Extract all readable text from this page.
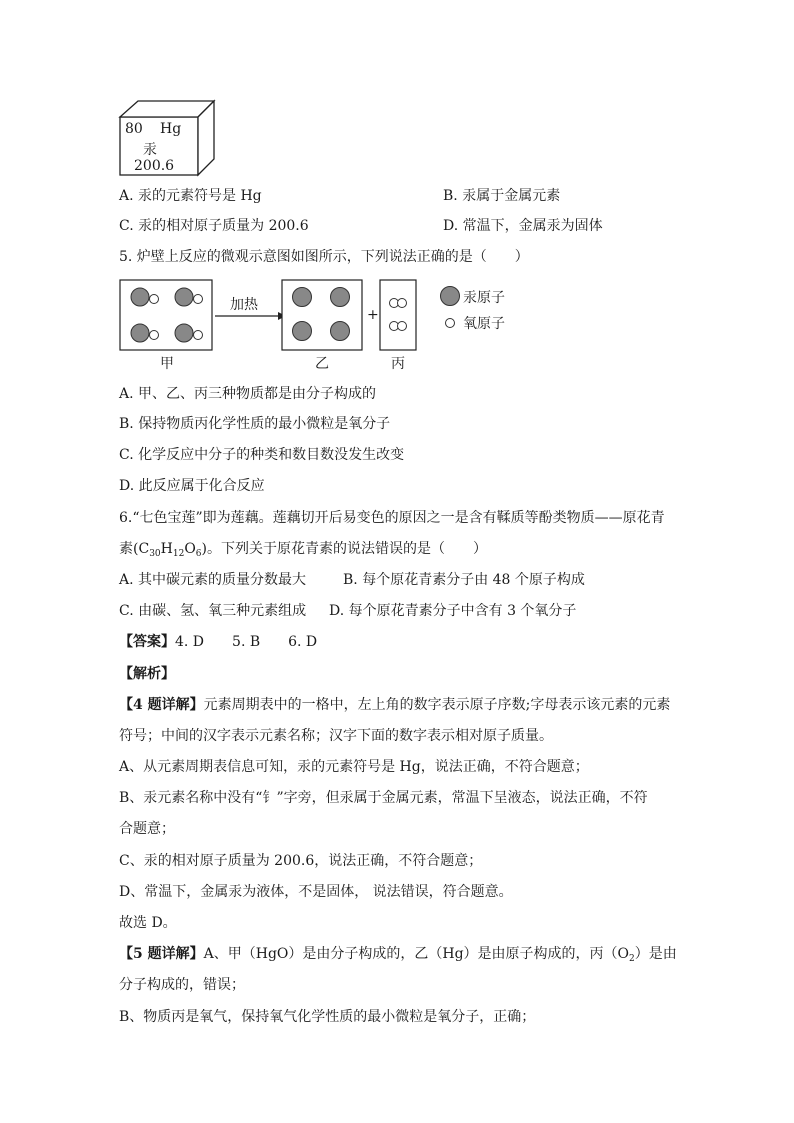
80 Hg
汞
200.6
A. 汞的元素符号是 Hg	B. 汞属于金属元素
C. 汞的相对原子质量为 200.6	D. 常温下，金属汞为固体
5. 炉壁上反应的微观示意图如图所示，下列说法正确的是（　　）
加热
+
汞原子
氧原子
甲	乙	丙
A. 甲、乙、丙三种物质都是由分子构成的
B. 保持物质丙化学性质的最小微粒是氧分子
C. 化学反应中分子的种类和数目数没发生改变
D. 此反应属于化合反应
6.“七色宝莲”即为莲藕。莲藕切开后易变色的原因之一是含有鞣质等酚类物质——原花青
素$(C_{30}H_{12}O_6)$。下列关于原花青素的说法错误的是（　　）
A. 其中碳元素的质量分数最大	B. 每个原花青素分子由 48 个原子构成
C. 由碳、氢、氧三种元素组成 D. 每个原花青素分子中含有 3 个氧分子
【答案】4. D　　5. B　　6. D
【解析】
【4 题详解】元素周期表中的一格中，左上角的数字表示原子序数;字母表示该元素的元素
符号；中间的汉字表示元素名称；汉字下面的数字表示相对原子质量。
A、从元素周期表信息可知，汞的元素符号是 Hg，说法正确，不符合题意；
B、汞元素名称中没有“钅”字旁，但汞属于金属元素，常温下呈液态，说法正确，不符
合题意；
C、汞的相对原子质量为 200.6，说法正确，不符合题意；
D、常温下，金属汞为液体，不是固体， 说法错误，符合题意。
故选 D。
【5 题详解】A、甲（HgO）是由分子构成的，乙（Hg）是由原子构成的，丙$(O_2)$是由
分子构成的，错误；
B、物质丙是氧气，保持氧气化学性质的最小微粒是氧分子，正确；
